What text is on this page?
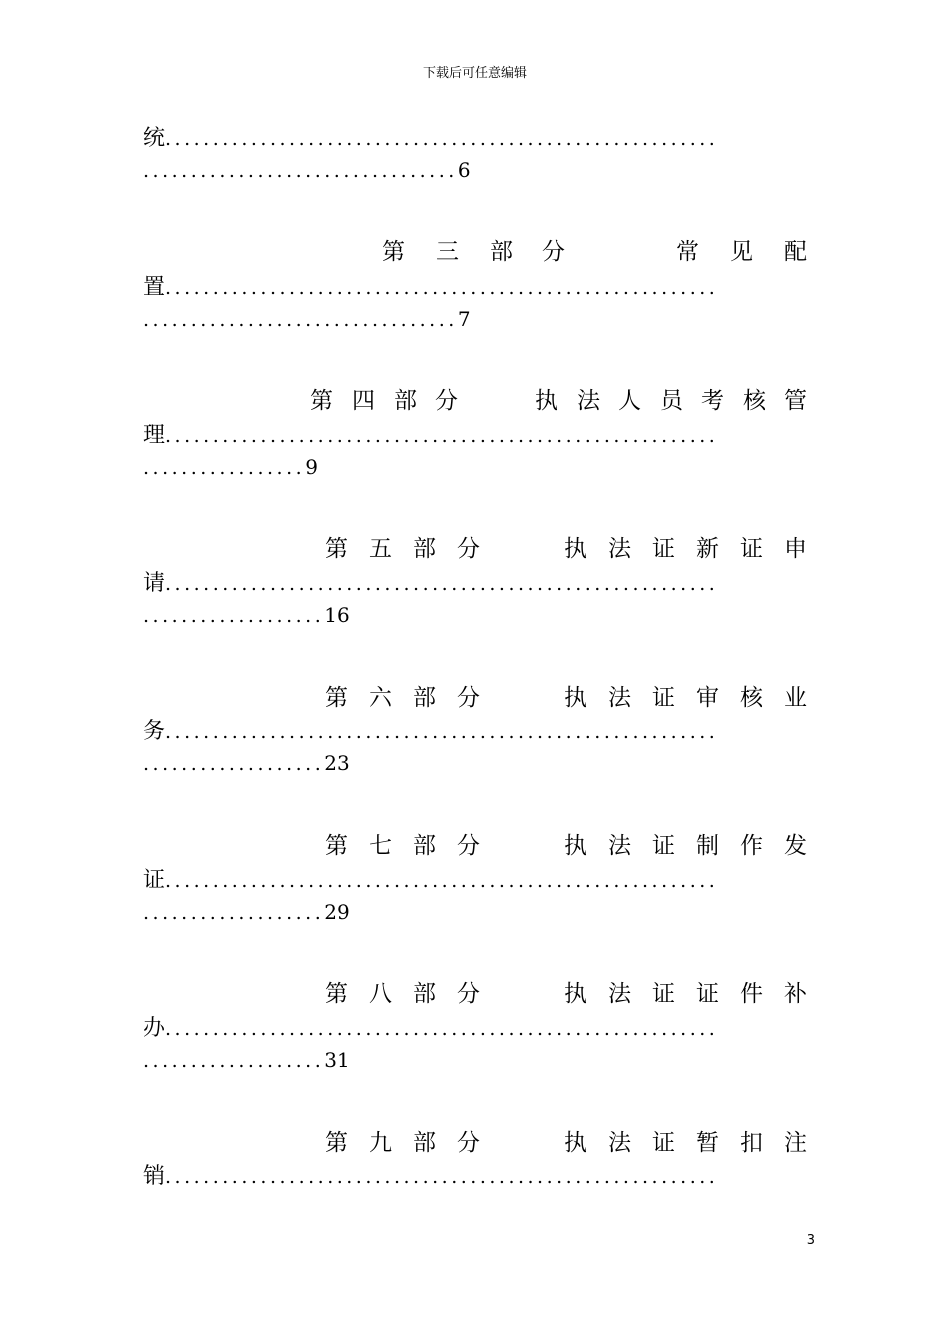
下载后可任意编辑
统..........................................................
.................................6
第 三 部 分	常 见 配
置..........................................................
.................................7
第 四 部 分	执 法 人 员 考 核 管
理..........................................................
.................9
第 五 部 分	执 法 证 新 证 申
请..........................................................
...................16
第 六 部 分	执 法 证 审 核 业
务..........................................................
...................23
第 七 部 分	执 法 证 制 作 发
证..........................................................
...................29
第 八 部 分	执 法 证 证 件 补
办..........................................................
...................31
第 九 部 分	执 法 证 暂 扣 注
销..........................................................
3
